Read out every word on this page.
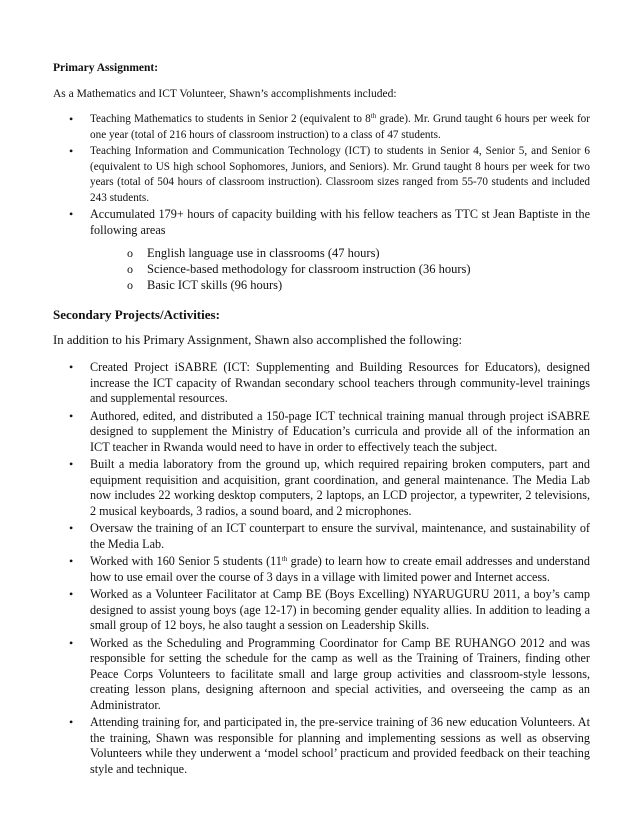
Primary Assignment:

As a Mathematics and ICT Volunteer, Shawn’s accomplishments included:

• Teaching Mathematics to students in Senior 2 (equivalent to 8th grade). Mr. Grund taught 6 hours per week for one year (total of 216 hours of classroom instruction) to a class of 47 students.
• Teaching Information and Communication Technology (ICT) to students in Senior 4, Senior 5, and Senior 6 (equivalent to US high school Sophomores, Juniors, and Seniors). Mr. Grund taught 8 hours per week for two years (total of 504 hours of classroom instruction). Classroom sizes ranged from 55-70 students and included 243 students.
• Accumulated 179+ hours of capacity building with his fellow teachers as TTC st Jean Baptiste in the following areas
o English language use in classrooms (47 hours)
o Science-based methodology for classroom instruction (36 hours)
o Basic ICT skills (96 hours)

Secondary Projects/Activities:

In addition to his Primary Assignment, Shawn also accomplished the following:

• Created Project iSABRE (ICT: Supplementing and Building Resources for Educators), designed increase the ICT capacity of Rwandan secondary school teachers through community-level trainings and supplemental resources.
• Authored, edited, and distributed a 150-page ICT technical training manual through project iSABRE designed to supplement the Ministry of Education’s curricula and provide all of the information an ICT teacher in Rwanda would need to have in order to effectively teach the subject.
• Built a media laboratory from the ground up, which required repairing broken computers, part and equipment requisition and acquisition, grant coordination, and general maintenance. The Media Lab now includes 22 working desktop computers, 2 laptops, an LCD projector, a typewriter, 2 televisions, 2 musical keyboards, 3 radios, a sound board, and 2 microphones.
• Oversaw the training of an ICT counterpart to ensure the survival, maintenance, and sustainability of the Media Lab.
• Worked with 160 Senior 5 students (11th grade) to learn how to create email addresses and understand how to use email over the course of 3 days in a village with limited power and Internet access.
• Worked as a Volunteer Facilitator at Camp BE (Boys Excelling) NYARUGURU 2011, a boy’s camp designed to assist young boys (age 12-17) in becoming gender equality allies. In addition to leading a small group of 12 boys, he also taught a session on Leadership Skills.
• Worked as the Scheduling and Programming Coordinator for Camp BE RUHANGO 2012 and was responsible for setting the schedule for the camp as well as the Training of Trainers, finding other Peace Corps Volunteers to facilitate small and large group activities and classroom-style lessons, creating lesson plans, designing afternoon and special activities, and overseeing the camp as an Administrator.
• Attending training for, and participated in, the pre-service training of 36 new education Volunteers. At the training, Shawn was responsible for planning and implementing sessions as well as observing Volunteers while they underwent a ‘model school’ practicum and provided feedback on their teaching style and technique.
